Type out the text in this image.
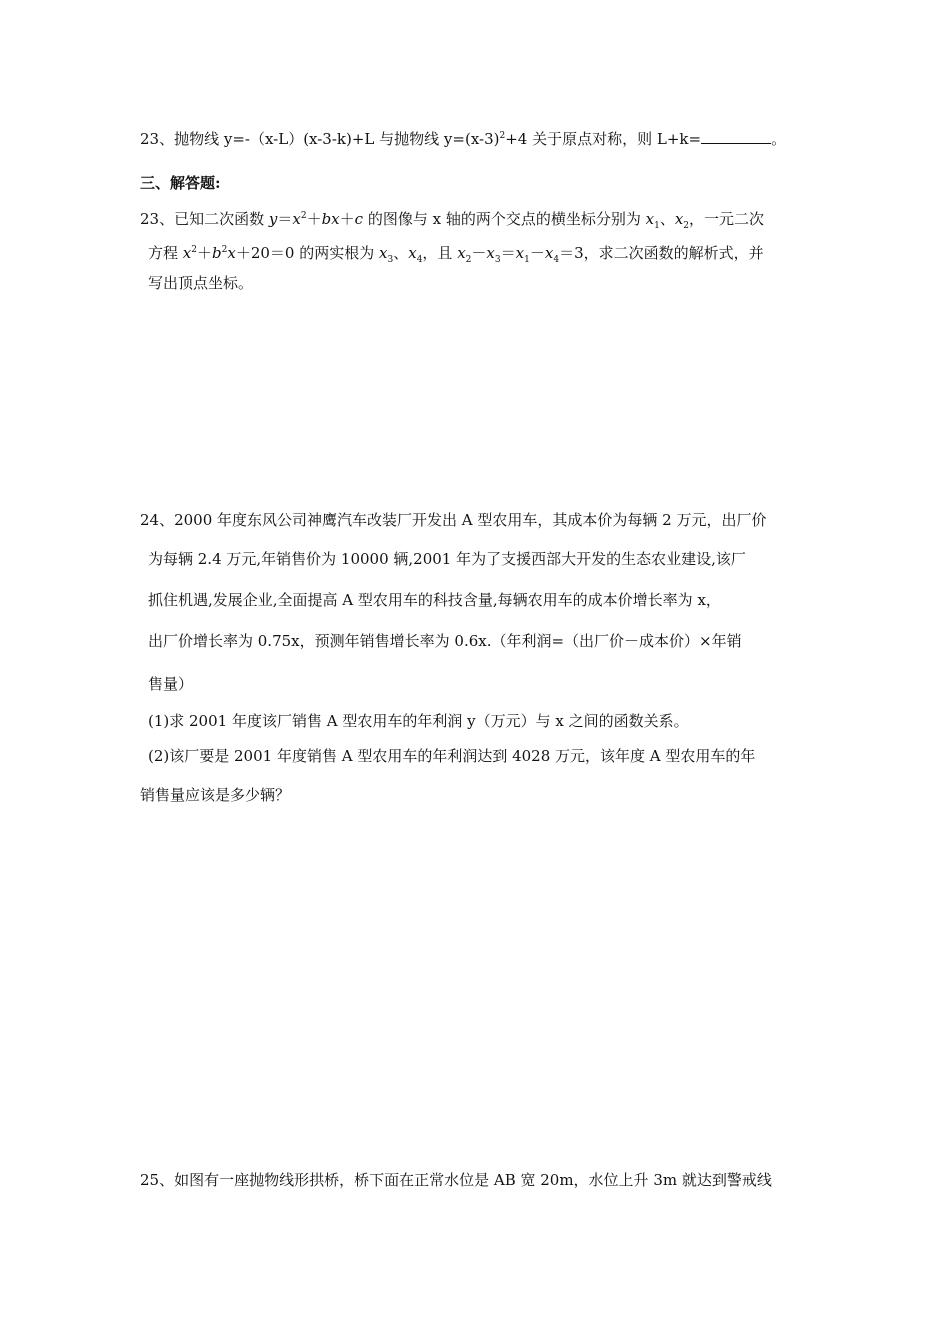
23、抛物线 y=-（x-L）(x-3-k)+L 与抛物线 $y=(x-3)^2+4$ 关于原点对称，则 L+k=	。
三、解答题:
23、已知二次函数 $y=x^2+bx+c$ 的图像与 x 轴的两个交点的横坐标分别为 $x_1$、$x_2$，一元二次
方程 $x^2+b^2x+20=0$ 的两实根为 $x_3$、$x_4$，且 $x_2-x_3=x_1-x_4=3$，求二次函数的解析式，并
写出顶点坐标。
24、2000 年度东风公司神鹰汽车改装厂开发出 A 型农用车，其成本价为每辆 2 万元，出厂价
为每辆 2.4 万元,年销售价为 10000 辆,2001 年为了支援西部大开发的生态农业建设,该厂
抓住机遇,发展企业,全面提高 A 型农用车的科技含量,每辆农用车的成本价增长率为 x，
出厂价增长率为 0.75x，预测年销售增长率为 0.6x.（年利润=（出厂价－成本价）×年销
售量）
(1)求 2001 年度该厂销售 A 型农用车的年利润 y（万元）与 x 之间的函数关系。
(2)该厂要是 2001 年度销售 A 型农用车的年利润达到 4028 万元，该年度 A 型农用车的年
销售量应该是多少辆？
25、如图有一座抛物线形拱桥，桥下面在正常水位是 AB 宽 20m，水位上升 3m 就达到警戒线
